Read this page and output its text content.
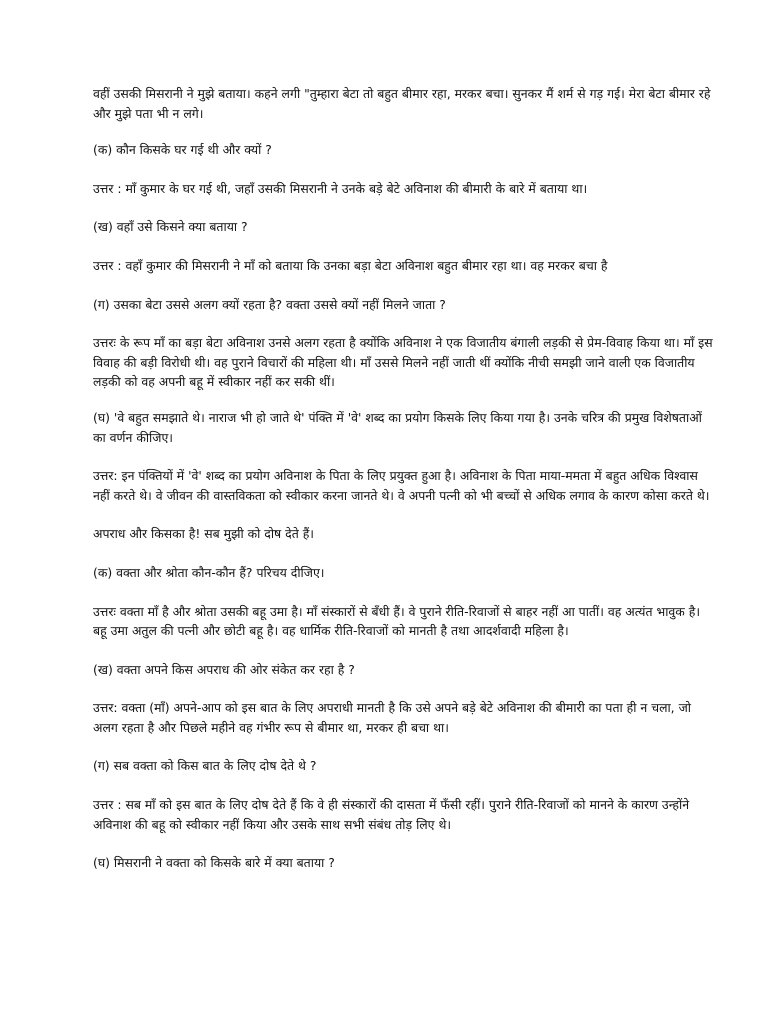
वहीं उसकी मिसरानी ने मुझे बताया। कहने लगी "तुम्हारा बेटा तो बहुत बीमार रहा, मरकर बचा। सुनकर मैं शर्म से गड़ गई। मेरा बेटा बीमार रहे और मुझे पता भी न लगे।

(क) कौन किसके घर गई थी और क्यों ?

उत्तर : माँ कुमार के घर गई थी, जहाँ उसकी मिसरानी ने उनके बड़े बेटे अविनाश की बीमारी के बारे में बताया था।

(ख) वहाँ उसे किसने क्या बताया ?

उत्तर : वहाँ कुमार की मिसरानी ने माँ को बताया कि उनका बड़ा बेटा अविनाश बहुत बीमार रहा था। वह मरकर बचा है

(ग) उसका बेटा उससे अलग क्यों रहता है? वक्ता उससे क्यों नहीं मिलने जाता ?

उत्तरः के रूप माँ का बड़ा बेटा अविनाश उनसे अलग रहता है क्योंकि अविनाश ने एक विजातीय बंगाली लड़की से प्रेम-विवाह किया था। माँ इस विवाह की बड़ी विरोधी थी। वह पुराने विचारों की महिला थी। माँ उससे मिलने नहीं जाती थीं क्योंकि नीची समझी जाने वाली एक विजातीय लड़की को वह अपनी बहू में स्वीकार नहीं कर सकी थीं।

(घ) 'वे बहुत समझाते थे। नाराज भी हो जाते थे' पंक्ति में 'वे' शब्द का प्रयोग किसके लिए किया गया है। उनके चरित्र की प्रमुख विशेषताओं का वर्णन कीजिए।

उत्तर: इन पंक्तियों में 'वे' शब्द का प्रयोग अविनाश के पिता के लिए प्रयुक्त हुआ है। अविनाश के पिता माया-ममता में बहुत अधिक विश्वास नहीं करते थे। वे जीवन की वास्तविकता को स्वीकार करना जानते थे। वे अपनी पत्नी को भी बच्चों से अधिक लगाव के कारण कोसा करते थे।

अपराध और किसका है! सब मुझी को दोष देते हैं।

(क) वक्ता और श्रोता कौन-कौन हैं? परिचय दीजिए।

उत्तरः वक्ता माँ है और श्रोता उसकी बहू उमा है। माँ संस्कारों से बँधी हैं। वे पुराने रीति-रिवाजों से बाहर नहीं आ पातीं। वह अत्यंत भावुक है। बहू उमा अतुल की पत्नी और छोटी बहू है। वह धार्मिक रीति-रिवाजों को मानती है तथा आदर्शवादी महिला है।

(ख) वक्ता अपने किस अपराध की ओर संकेत कर रहा है ?

उत्तर: वक्ता (माँ) अपने-आप को इस बात के लिए अपराधी मानती है कि उसे अपने बड़े बेटे अविनाश की बीमारी का पता ही न चला, जो अलग रहता है और पिछले महीने वह गंभीर रूप से बीमार था, मरकर ही बचा था।

(ग) सब वक्ता को किस बात के लिए दोष देते थे ?

उत्तर : सब माँ को इस बात के लिए दोष देते हैं कि वे ही संस्कारों की दासता में फँसी रहीं। पुराने रीति-रिवाजों को मानने के कारण उन्होंने अविनाश की बहू को स्वीकार नहीं किया और उसके साथ सभी संबंध तोड़ लिए थे।

(घ) मिसरानी ने वक्ता को किसके बारे में क्या बताया ?
